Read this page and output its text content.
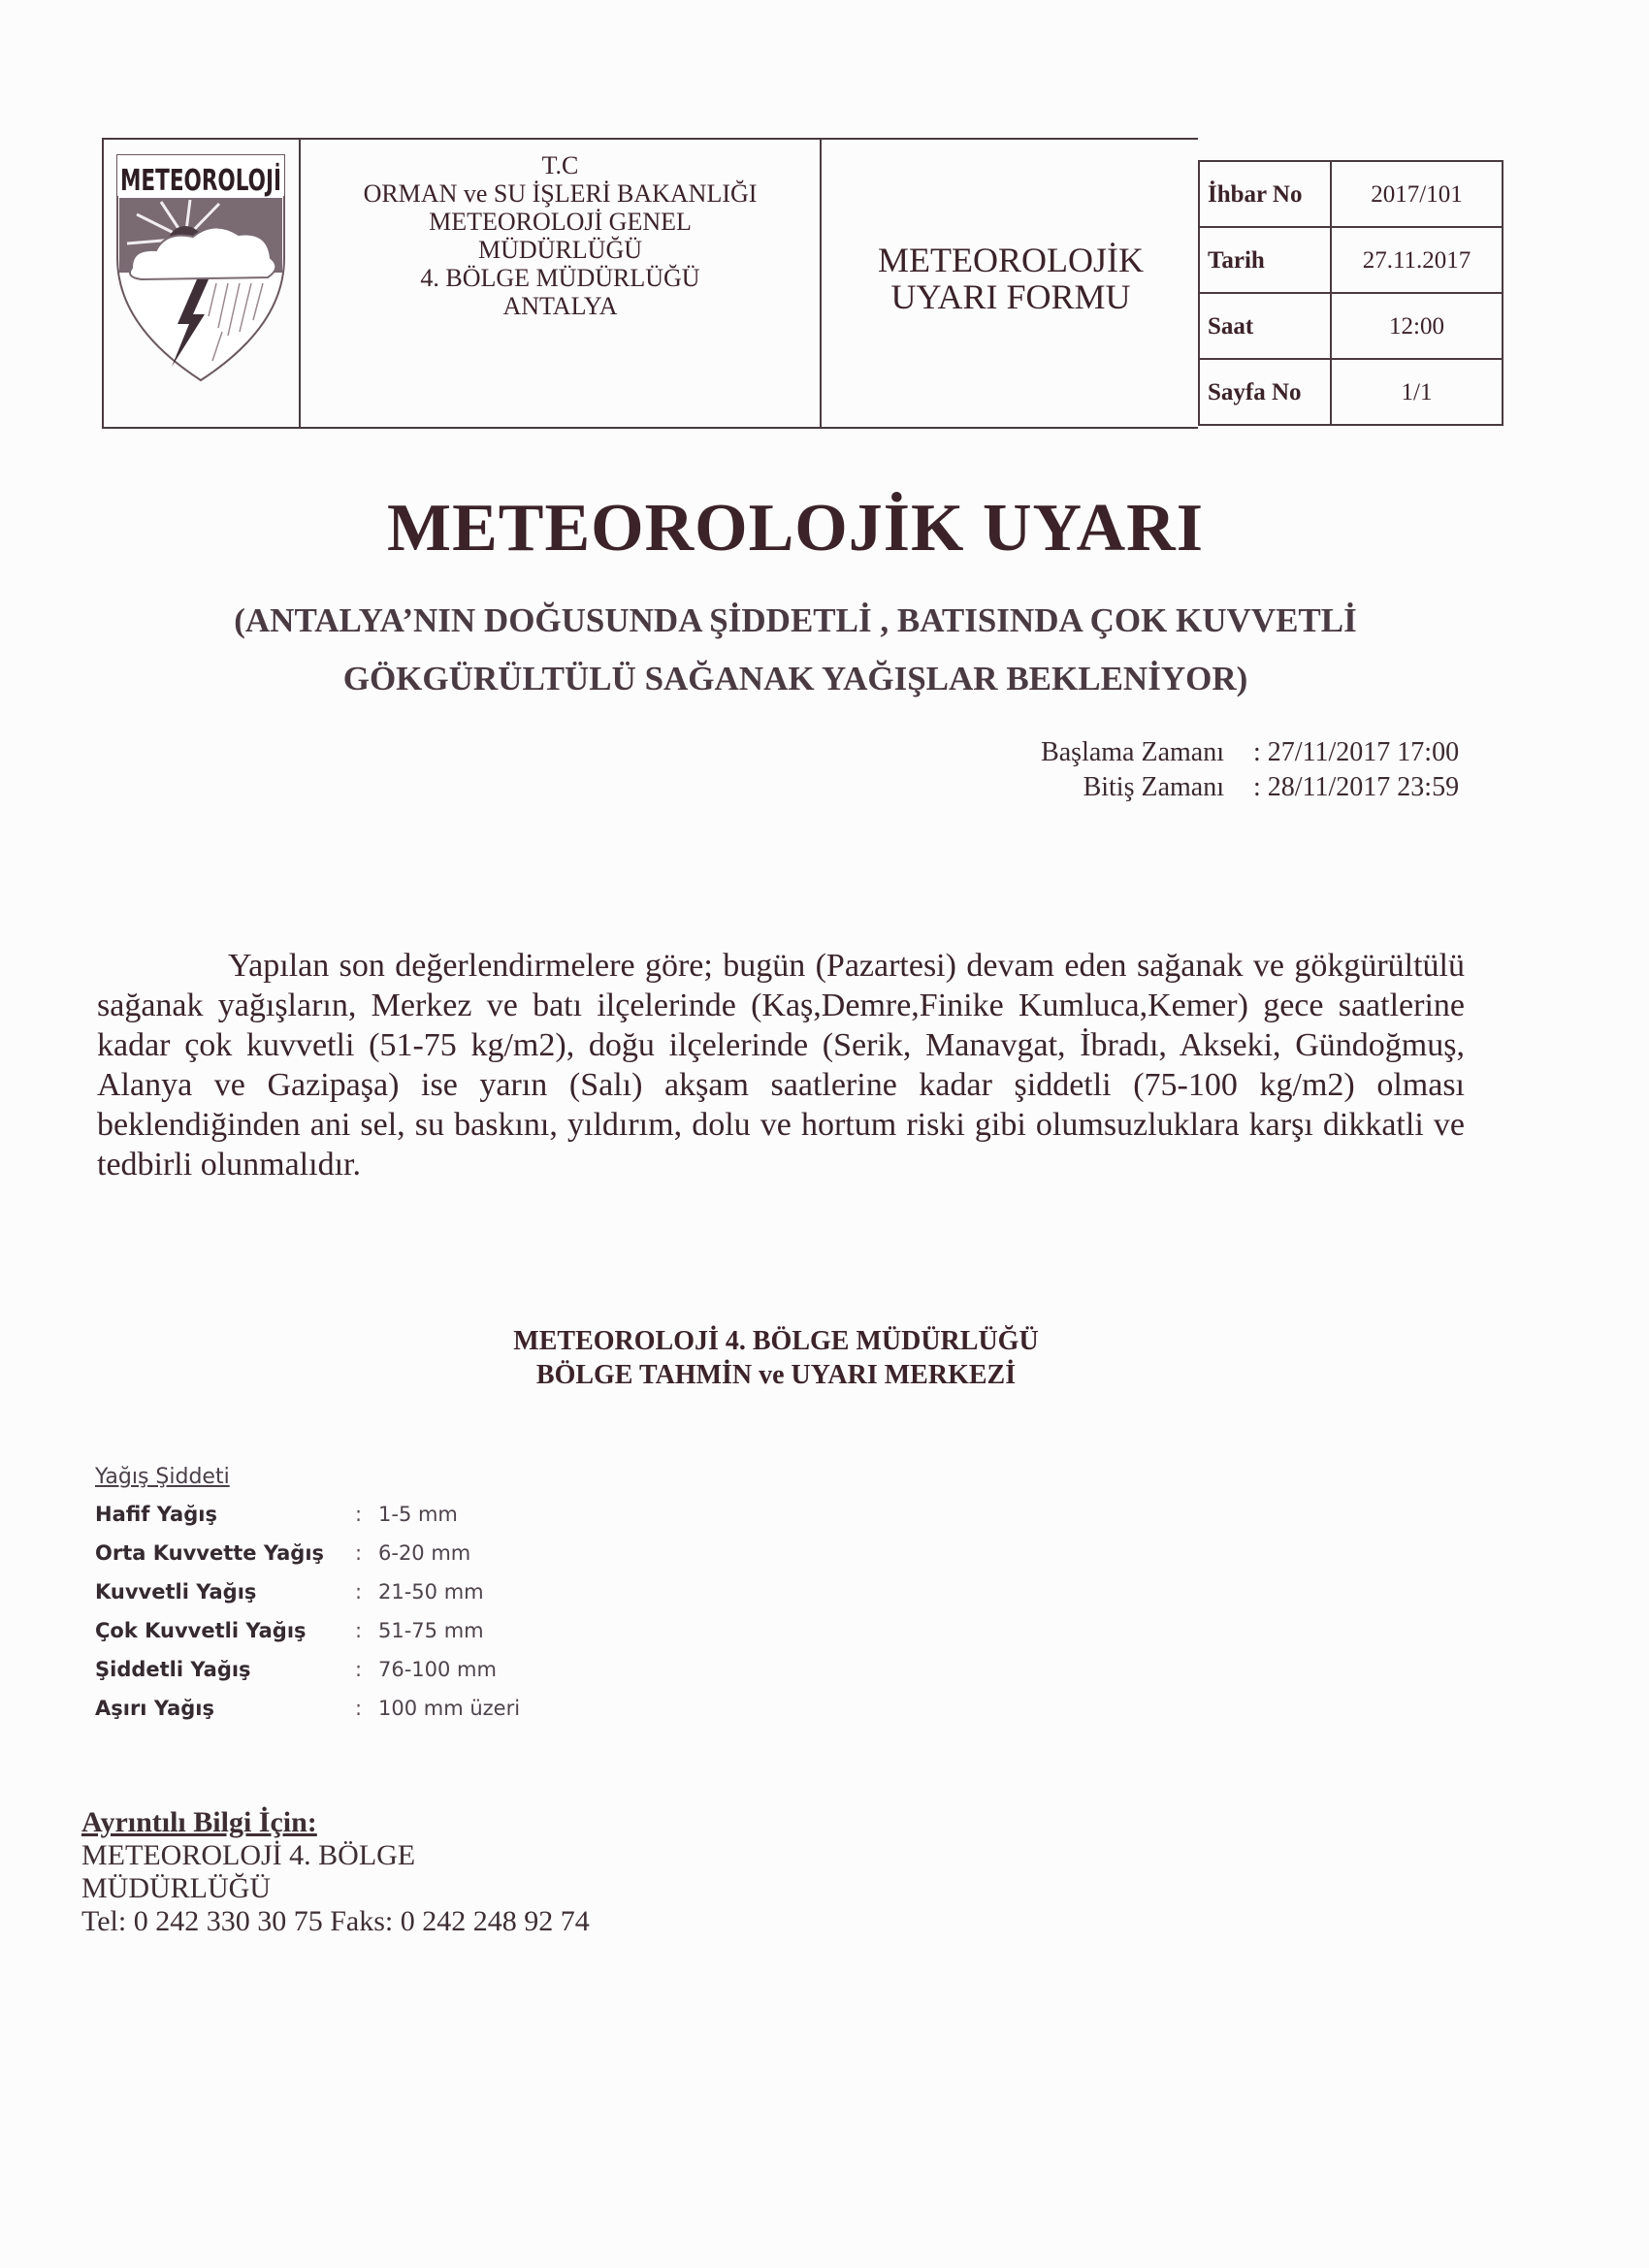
METEOROLOJİ	T.C
ORMAN ve SU İŞLERİ BAKANLIĞI
METEOROLOJİ GENEL
MÜDÜRLÜĞÜ
4. BÖLGE MÜDÜRLÜĞÜ
ANTALYA
METEOROLOJİK
UYARI FORMU
İhbar No	2017/101
Tarih	27.11.2017
Saat	12:00
Sayfa No	1/1
METEOROLOJİK UYARI
(ANTALYA’NIN DOĞUSUNDA ŞİDDETLİ , BATISINDA ÇOK KUVVETLİ
GÖKGÜRÜLTÜLÜ SAĞANAK YAĞIŞLAR BEKLENİYOR)
Başlama Zamanı	: 27/11/2017 17:00
Bitiş Zamanı	: 28/11/2017 23:59
Yapılan son değerlendirmelere göre; bugün (Pazartesi) devam eden sağanak ve gökgürültülü sağanak yağışların, Merkez ve batı ilçelerinde (Kaş,Demre,Finike Kumluca,Kemer) gece saatlerine kadar çok kuvvetli (51-75 kg/m2), doğu ilçelerinde (Serik, Manavgat, İbradı, Akseki, Gündoğmuş, Alanya ve Gazipaşa) ise yarın (Salı) akşam saatlerine kadar şiddetli (75-100 kg/m2) olması beklendiğinden ani sel, su baskını, yıldırım, dolu ve hortum riski gibi olumsuzluklara karşı dikkatli ve tedbirli olunmalıdır.
METEOROLOJİ 4. BÖLGE MÜDÜRLÜĞÜ
BÖLGE TAHMİN ve UYARI MERKEZİ
Yağış Şiddeti
Hafif Yağış	: 1-5 mm
Orta Kuvvette Yağış	: 6-20 mm
Kuvvetli Yağış	: 21-50 mm
Çok Kuvvetli Yağış	: 51-75 mm
Şiddetli Yağış	: 76-100 mm
Aşırı Yağış	: 100 mm üzeri
Ayrıntılı Bilgi İçin:
METEOROLOJİ 4. BÖLGE
MÜDÜRLÜĞÜ
Tel: 0 242 330 30 75 Faks: 0 242 248 92 74
